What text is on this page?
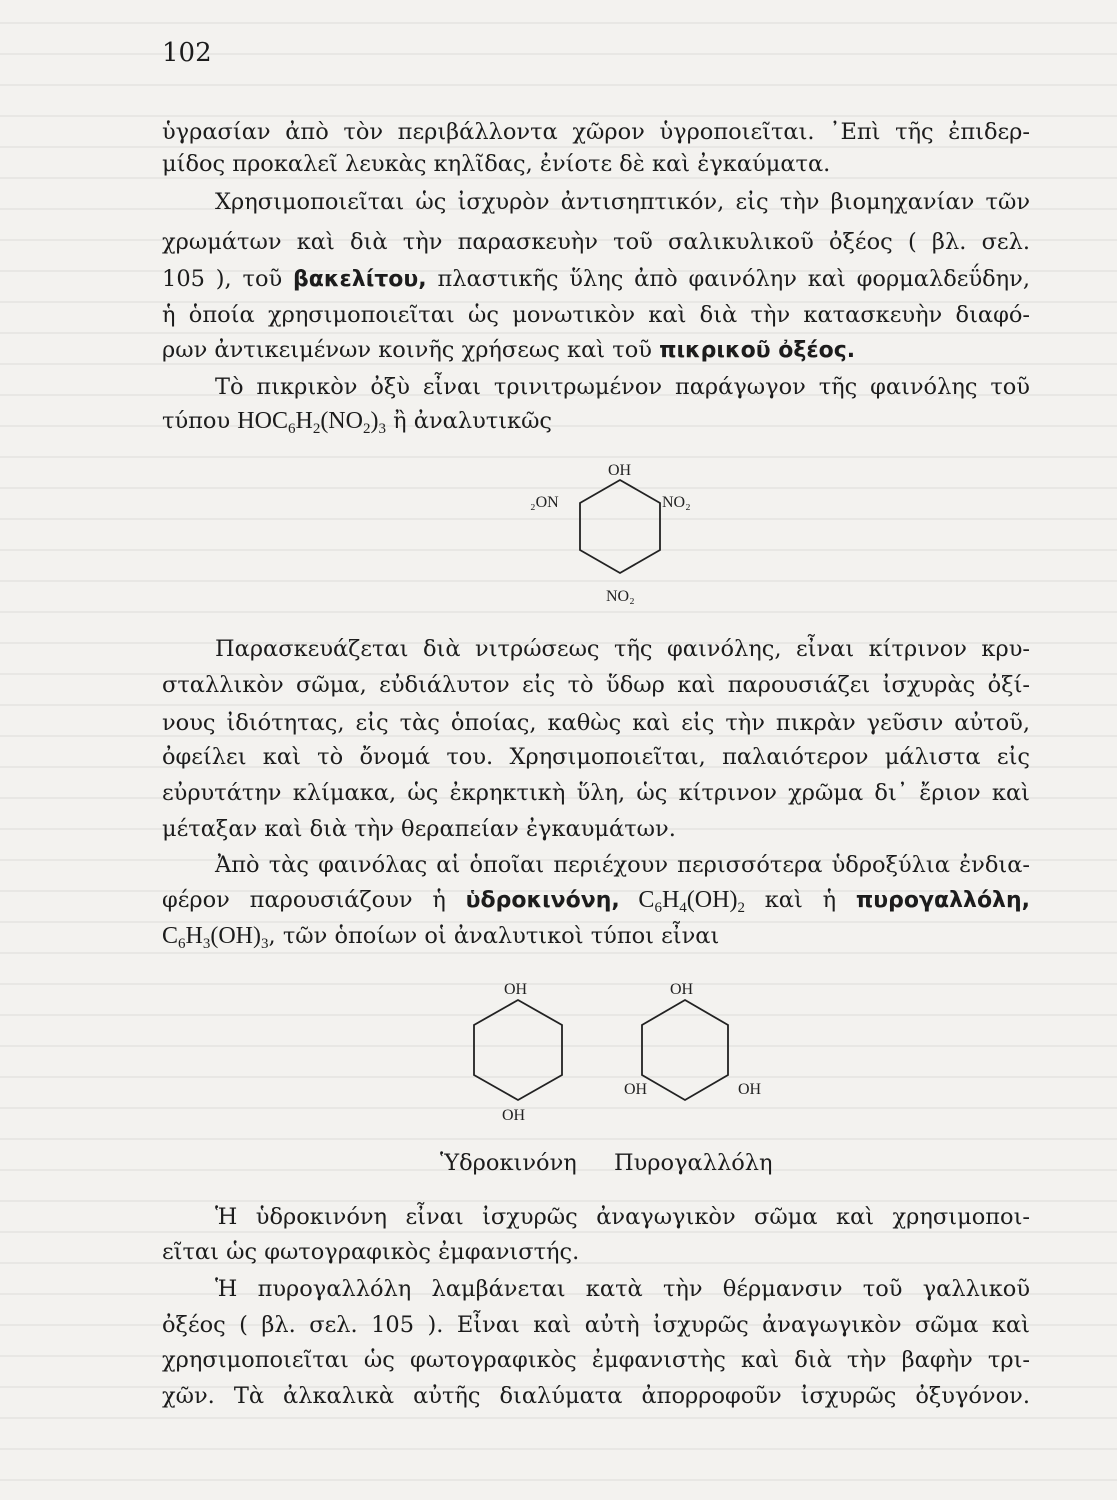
102
ὑγρασίαν ἀπὸ τὸν περιβάλλοντα χῶρον ὑγροποιεῖται. ᾿Επὶ τῆς ἐπιδερ-
μίδος προκαλεῖ λευκὰς κηλῖδας, ἐνίοτε δὲ καὶ ἐγκαύματα.
Χρησιμοποιεῖται ὡς ἰσχυρὸν ἀντισηπτικόν, εἰς τὴν βιομηχανίαν τῶν
χρωμάτων καὶ διὰ τὴν παρασκευὴν τοῦ σαλικυλικοῦ ὀξέος ( βλ. σελ.
105 ), τοῦ βακελίτου, πλαστικῆς ὕλης ἀπὸ φαινόλην καὶ φορμαλδεΰδην,
ἡ ὁποία χρησιμοποιεῖται ὡς μονωτικὸν καὶ διὰ τὴν κατασκευὴν διαφό-
ρων ἀντικειμένων κοινῆς χρήσεως καὶ τοῦ πικρικοῦ ὀξέος.
Τὸ πικρικὸν ὀξὺ εἶναι τρινιτρωμένον παράγωγον τῆς φαινόλης τοῦ
τύπου $HOC_6H_2(NO_2)_3$ ἢ ἀναλυτικῶς
OH
₂ON	NO₂
NO₂
Παρασκευάζεται διὰ νιτρώσεως τῆς φαινόλης, εἶναι κίτρινον κρυ-
σταλλικὸν σῶμα, εὐδιάλυτον εἰς τὸ ὕδωρ καὶ παρουσιάζει ἰσχυρὰς ὀξί-
νους ἰδιότητας, εἰς τὰς ὁποίας, καθὼς καὶ εἰς τὴν πικρὰν γεῦσιν αὐτοῦ,
ὀφείλει καὶ τὸ ὄνομά του. Χρησιμοποιεῖται, παλαιότερον μάλιστα εἰς
εὐρυτάτην κλίμακα, ὡς ἐκρηκτικὴ ὕλη, ὡς κίτρινον χρῶμα δι᾽ ἔριον καὶ
μέταξαν καὶ διὰ τὴν θεραπείαν ἐγκαυμάτων.
Ἀπὸ τὰς φαινόλας αἱ ὁποῖαι περιέχουν περισσότερα ὑδροξύλια ἐνδια-
φέρον παρουσιάζουν ἡ ὑδροκινόνη, $C_6H_4(OH)_2$ καὶ ἡ πυρογαλλόλη,
$C_6H_3(OH)_3$, τῶν ὁποίων οἱ ἀναλυτικοὶ τύποι εἶναι
OH
OH
OH
OH	OH
Ὑδροκινόνη Πυρογαλλόλη
Ἡ ὑδροκινόνη εἶναι ἰσχυρῶς ἀναγωγικὸν σῶμα καὶ χρησιμοποι-
εῖται ὡς φωτογραφικὸς ἐμφανιστής.
Ἡ πυρογαλλόλη λαμβάνεται κατὰ τὴν θέρμανσιν τοῦ γαλλικοῦ
ὀξέος ( βλ. σελ. 105 ). Εἶναι καὶ αὐτὴ ἰσχυρῶς ἀναγωγικὸν σῶμα καὶ
χρησιμοποιεῖται ὡς φωτογραφικὸς ἐμφανιστὴς καὶ διὰ τὴν βαφὴν τρι-
χῶν. Τὰ ἀλκαλικὰ αὐτῆς διαλύματα ἀπορροφοῦν ἰσχυρῶς ὀξυγόνον.
